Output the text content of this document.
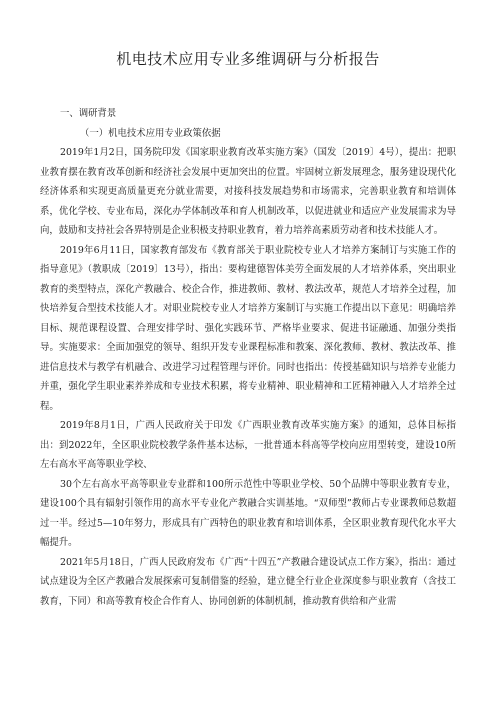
机电技术应用专业多维调研与分析报告

一、调研背景

（一）机电技术应用专业政策依据

2019年1月2日，国务院印发《国家职业教育改革实施方案》（国发〔2019〕4号），提出：把职业教育摆在教育改革创新和经济社会发展中更加突出的位置。牢固树立新发展理念，服务建设现代化经济体系和实现更高质量更充分就业需要，对接科技发展趋势和市场需求，完善职业教育和培训体系，优化学校、专业布局，深化办学体制改革和育人机制改革，以促进就业和适应产业发展需求为导向，鼓励和支持社会各界特别是企业积极支持职业教育，着力培养高素质劳动者和技术技能人才。

2019年6月11日，国家教育部发布《教育部关于职业院校专业人才培养方案制订与实施工作的指导意见》（教职成〔2019〕13号），指出：要构建德智体美劳全面发展的人才培养体系，突出职业教育的类型特点，深化产教融合、校企合作，推进教师、教材、教法改革，规范人才培养全过程，加快培养复合型技术技能人才。对职业院校专业人才培养方案制订与实施工作提出以下意见：明确培养目标、规范课程设置、合理安排学时、强化实践环节、严格毕业要求、促进书证融通、加强分类指导。实施要求：全面加强党的领导、组织开发专业课程标准和教案、深化教师、教材、教法改革、推进信息技术与教学有机融合、改进学习过程管理与评价。同时也指出：传授基础知识与培养专业能力并重，强化学生职业素养养成和专业技术积累，将专业精神、职业精神和工匠精神融入人才培养全过程。

2019年8月1日，广西人民政府关于印发《广西职业教育改革实施方案》的通知，总体目标指出：到2022年，全区职业院校教学条件基本达标，一批普通本科高等学校向应用型转变，建设10所左右高水平高等职业学校、

30个左右高水平高等职业专业群和100所示范性中等职业学校、50个品牌中等职业教育专业，建设100个具有辐射引领作用的高水平专业化产教融合实训基地。“双师型”教师占专业课教师总数超过一半。经过5—10年努力，形成具有广西特色的职业教育和培训体系，全区职业教育现代化水平大幅提升。

2021年5月18日，广西人民政府发布《广西“十四五”产教融合建设试点工作方案》，指出：通过试点建设为全区产教融合发展探索可复制借鉴的经验，建立健全行业企业深度参与职业教育（含技工教育，下同）和高等教育校企合作育人、协同创新的体制机制，推动教育供给和产业需
